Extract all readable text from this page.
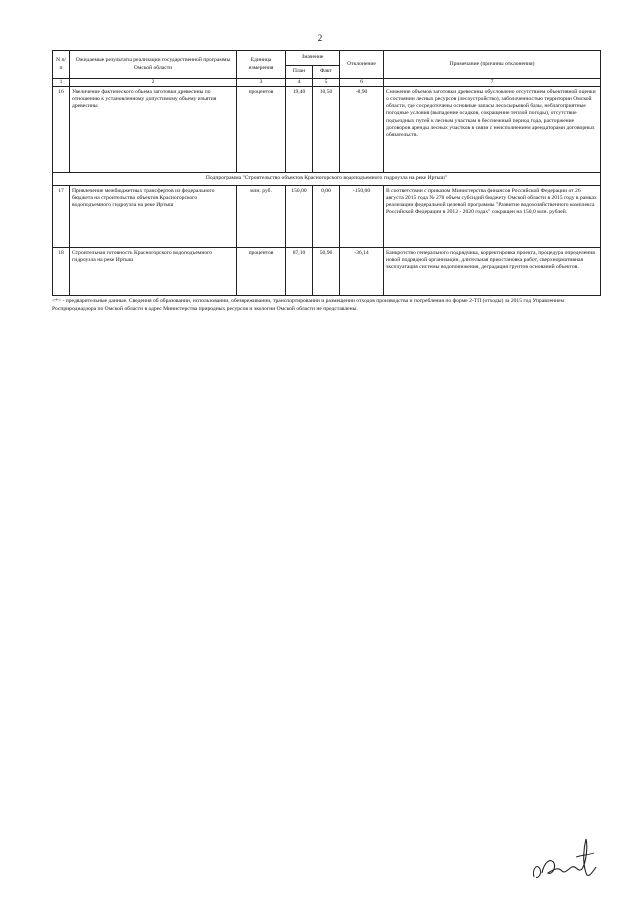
2
N п/п	Ожидаемые результаты реализации государственной программы Омской области	Единица измерения	Значение		Отклонение	Примечание (причины отклонения)
			План	Факт		
1	2	3	4	5	6	7
16	Увеличение фактического объема заготовки древесины по отношению к установленному допустимому объему изъятия древесины	процентов	19,40	10,50	-8,90	Снижение объемов заготовки древесины обусловлено отсутствием объективной оценки о состоянии лесных ресурсов (лесоустройство), заболоченностью территории Омской области, где сосредоточены основные запасы лесосырьевой базы, неблагоприятные погодные условия (выпадение осадков, сокращение теплой погоды), отсутствие подъездных путей к лесным участкам в бесснежный период года, расторжение договоров аренды лесных участков в связи с неисполнением арендаторами договорных обязательств.
Подпрограмма "Строительство объектов Красногорского водоподъемного гидроузла на реке Иртыш"						
17	Привлечение межбюджетных трансфертов из федерального бюджета на строительство объектов Красногорского водоподъемного гидроузла на реке Иртыш	млн. руб.	150,00	0,00	-150,00	В соответствии с приказом Министерства финансов Российской Федерации от 26 августа 2015 года № 278 объем субсидий бюджету Омской области в 2015 году в рамках реализации федеральной целевой программы "Развитие водохозяйственного комплекса Российской Федерации в 2012 - 2020 годах" сокращен на 150,0 млн. рублей.
18	Строительная готовность Красногорского водоподъемного гидроузла на реке Иртыш	процентов	87,10	50,96	-36,14	Банкротство генерального подрядчика, корректировка проекта, процедура определения новой подрядной организации, длительная приостановка работ, сверхнормативная эксплуатация системы водопонижения, деградация грунтов оснований объектов.
<*> - предварительные данные. Сведения об образовании, использовании, обезвреживании, транспортировании и размещении отходов производства и потребления по форме 2-ТП (отходы) за 2015 год Управлением Росприроднадзора по Омской области в адрес Министерства природных ресурсов и экологии Омской области не представлены.
